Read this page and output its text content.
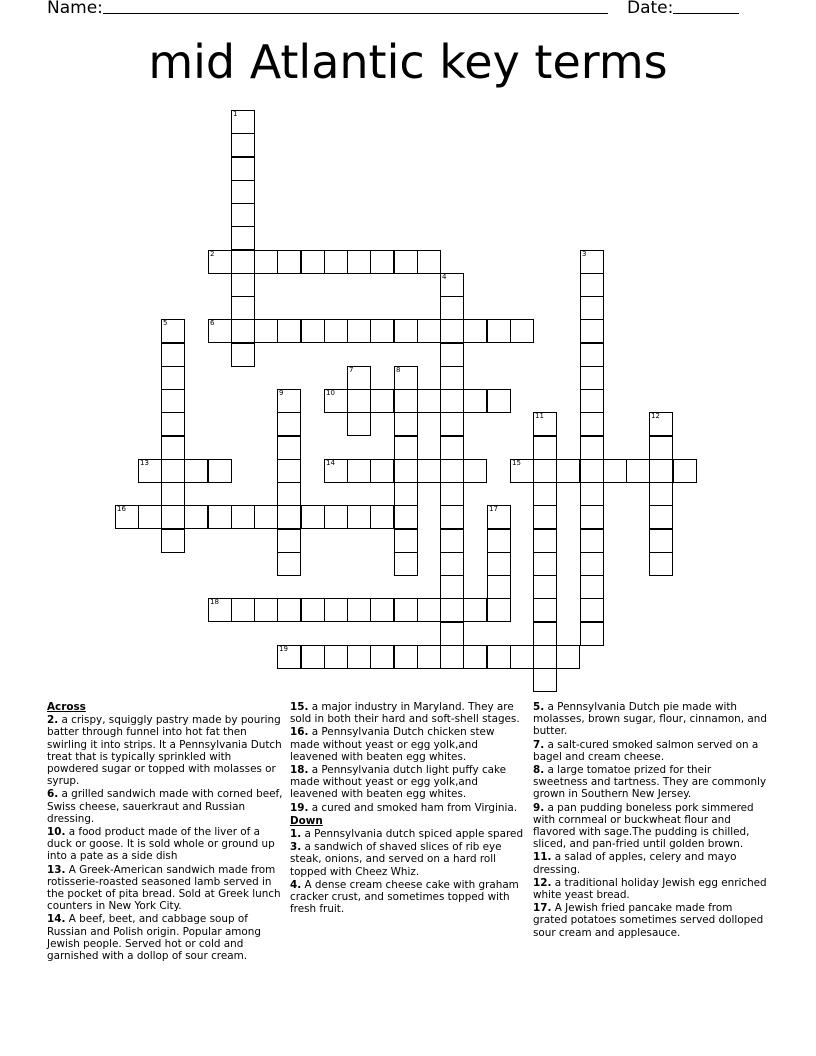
Name:	Date:
mid Atlantic key terms
1
2	3
4
5	6
7	8
9	10
11	12
13	14	15
16	17
18
19

Across

2. a crispy, squiggly pastry made by pouring batter through funnel into hot fat then swirling it into strips. It a Pennsylvania Dutch treat that is typically sprinkled with powdered sugar or topped with molasses or syrup.

6. a grilled sandwich made with corned beef, Swiss cheese, sauerkraut and Russian dressing.

10. a food product made of the liver of a duck or goose. It is sold whole or ground up into a pate as a side dish

13. A Greek-American sandwich made from rotisserie-roasted seasoned lamb served in the pocket of pita bread. Sold at Greek lunch counters in New York City.

14. A beef, beet, and cabbage soup of Russian and Polish origin. Popular among Jewish people. Served hot or cold and garnished with a dollop of sour cream.

15. a major industry in Maryland. They are sold in both their hard and soft-shell stages.

16. a Pennsylvania Dutch chicken stew made without yeast or egg yolk,and leavened with beaten egg whites.

18. a Pennsylvania dutch light puffy cake made without yeast or egg yolk,and leavened with beaten egg whites.

19. a cured and smoked ham from Virginia.

Down

1. a Pennsylvania dutch spiced apple spared

3. a sandwich of shaved slices of rib eye steak, onions, and served on a hard roll topped with Cheez Whiz.

4. A dense cream cheese cake with graham cracker crust, and sometimes topped with fresh fruit.

5. a Pennsylvania Dutch pie made with molasses, brown sugar, flour, cinnamon, and butter.

7. a salt-cured smoked salmon served on a bagel and cream cheese.

8. a large tomatoe prized for their sweetness and tartness. They are commonly grown in Southern New Jersey.

9. a pan pudding boneless pork simmered with cornmeal or buckwheat flour and flavored with sage.The pudding is chilled, sliced, and pan-fried until golden brown.

11. a salad of apples, celery and mayo dressing.

12. a traditional holiday Jewish egg enriched white yeast bread.

17. A Jewish fried pancake made from grated potatoes sometimes served dolloped sour cream and applesauce.
